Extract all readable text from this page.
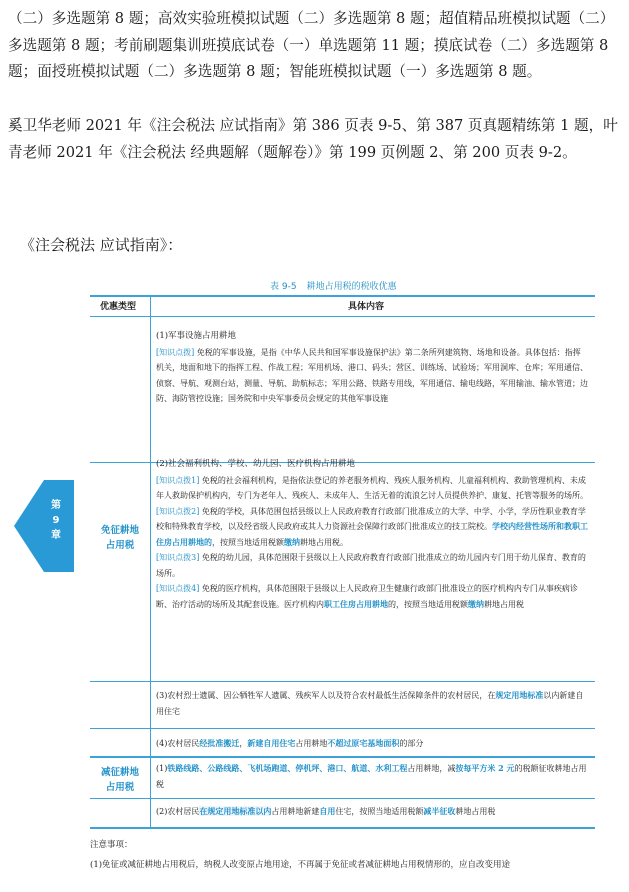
（二）多选题第 8 题；高效实验班模拟试题（二）多选题第 8 题；超值精品班模拟试题（二）多选题第 8 题；考前刷题集训班摸底试卷（一）单选题第 11 题；摸底试卷（二）多选题第 8 题；面授班模拟试题（二）多选题第 8 题；智能班模拟试题（一）多选题第 8 题。
奚卫华老师 2021 年《注会税法 应试指南》第 386 页表 9-5、第 387 页真题精练第 1 题，叶青老师 2021 年《注会税法 经典题解（题解卷）》第 199 页例题 2、第 200 页表 9-2。
《注会税法 应试指南》：
表 9-5 耕地占用税的税收优惠
第
9
章
优惠类型	具体内容
免征耕地
占用税
减征耕地
占用税
(1)军事设施占用耕地
[知识点拨] 免税的军事设施，是指《中华人民共和国军事设施保护法》第二条所列建筑物、场地和设备。具体包括：指挥机关，地面和地下的指挥工程、作战工程；军用机场、港口、码头；营区、训练场、试验场；军用洞库、仓库；军用通信、侦察、导航、观测台站，测量、导航、助航标志；军用公路、铁路专用线，军用通信、输电线路，军用输油、输水管道；边防、海防管控设施；国务院和中央军事委员会规定的其他军事设施
(2)社会福利机构、学校、幼儿园、医疗机构占用耕地
[知识点拨1] 免税的社会福利机构，是指依法登记的养老服务机构、残疾人服务机构、儿童福利机构、救助管理机构、未成年人救助保护机构内，专门为老年人、残疾人、未成年人、生活无着的流浪乞讨人员提供养护、康复、托管等服务的场所。
[知识点拨2] 免税的学校，具体范围包括县级以上人民政府教育行政部门批准成立的大学、中学、小学，学历性职业教育学校和特殊教育学校，以及经省级人民政府或其人力资源社会保障行政部门批准成立的技工院校。学校内经营性场所和教职工住房占用耕地的，按照当地适用税额缴纳耕地占用税。
[知识点拨3] 免税的幼儿园，具体范围限于县级以上人民政府教育行政部门批准成立的幼儿园内专门用于幼儿保育、教育的场所。
[知识点拨4] 免税的医疗机构，具体范围限于县级以上人民政府卫生健康行政部门批准设立的医疗机构内专门从事疾病诊断、治疗活动的场所及其配套设施。医疗机构内职工住房占用耕地的，按照当地适用税额缴纳耕地占用税
(3)农村烈士遗属、因公牺牲军人遗属、残疾军人以及符合农村最低生活保障条件的农村居民，在规定用地标准以内新建自用住宅
(4)农村居民经批准搬迁，新建自用住宅占用耕地不超过原宅基地面积的部分
(1)铁路线路、公路线路、飞机场跑道、停机坪、港口、航道、水利工程占用耕地，减按每平方米 2 元的税额征收耕地占用税
(2)农村居民在规定用地标准以内占用耕地新建自用住宅，按照当地适用税额减半征收耕地占用税
注意事项：
(1)免征或减征耕地占用税后，纳税人改变原占地用途，不再属于免征或者减征耕地占用税情形的，应自改变用途
